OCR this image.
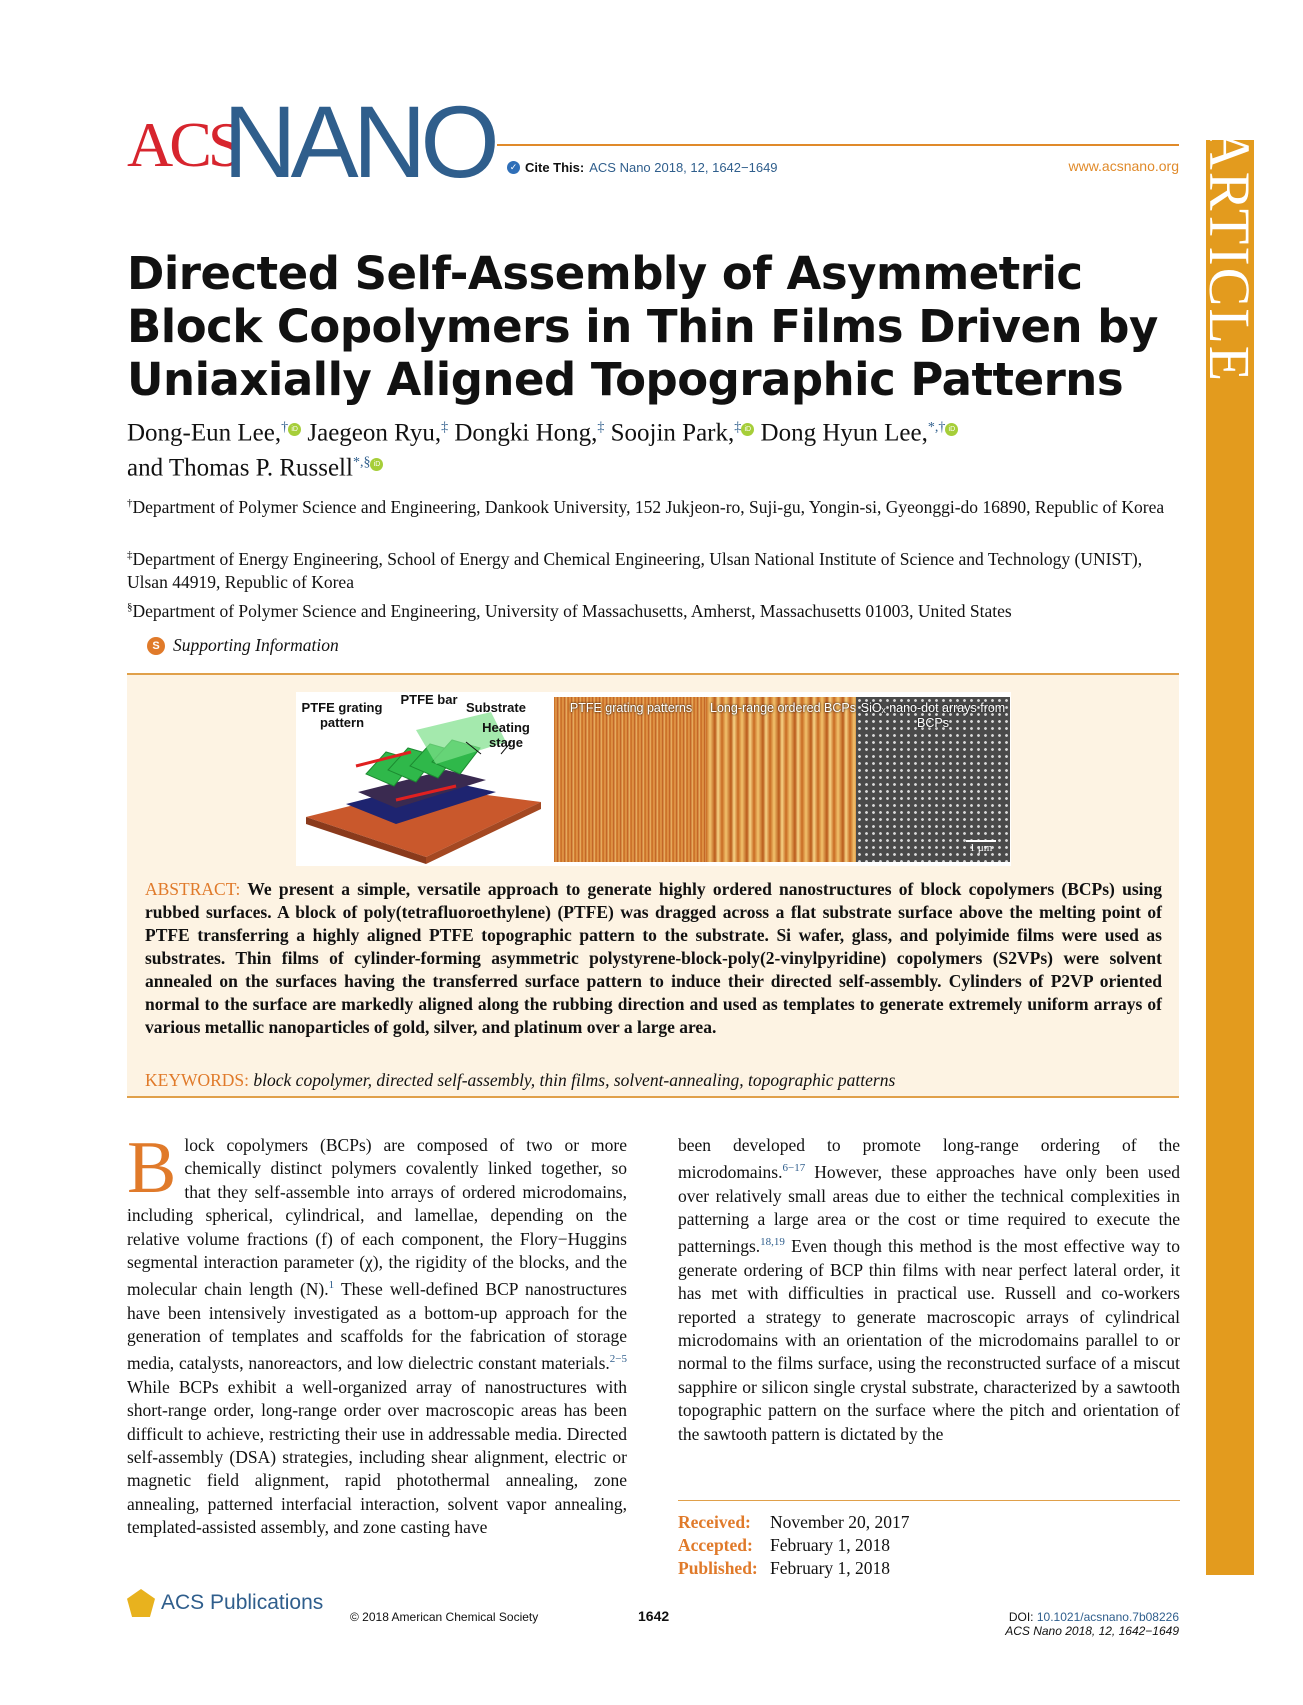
ACS
NANO	✓ Cite This: ACS Nano 2018, 12, 1642−1649	www.acsnano.org ARTICLE
Directed Self-Assembly of Asymmetric Block Copolymers in Thin Films Driven by Uniaxially Aligned Topographic Patterns
Dong-Eun Lee,† iD Jaegeon Ryu,‡ Dongki Hong,‡ Soojin Park,‡ iD Dong Hyun Lee,*,† iD
and Thomas P. Russell*,§ iD
†Department of Polymer Science and Engineering, Dankook University, 152 Jukjeon-ro, Suji-gu, Yongin-si, Gyeonggi-do 16890, Republic of Korea
‡Department of Energy Engineering, School of Energy and Chemical Engineering, Ulsan National Institute of Science and Technology (UNIST), Ulsan 44919, Republic of Korea
§Department of Polymer Science and Engineering, University of Massachusetts, Amherst, Massachusetts 01003, United States
S Supporting Information
PTFE grating pattern
PTFE bar
Substrate
Heating stage
PTFE grating patterns	Long-range ordered BCPs SiOₓ nano-dot arrays from BCPs
1 μm

ABSTRACT: We present a simple, versatile approach to generate highly ordered nanostructures of block copolymers (BCPs) using rubbed surfaces. A block of poly(tetrafluoroethylene) (PTFE) was dragged across a flat substrate surface above the melting point of PTFE transferring a highly aligned PTFE topographic pattern to the substrate. Si wafer, glass, and polyimide films were used as substrates. Thin films of cylinder-forming asymmetric polystyrene-block-poly(2-vinylpyridine) copolymers (S2VPs) were solvent annealed on the surfaces having the transferred surface pattern to induce their directed self-assembly. Cylinders of P2VP oriented normal to the surface are markedly aligned along the rubbing direction and used as templates to generate extremely uniform arrays of various metallic nanoparticles of gold, silver, and platinum over a large area.

KEYWORDS: block copolymer, directed self-assembly, thin films, solvent-annealing, topographic patterns

Block copolymers (BCPs) are composed of two or more chemically distinct polymers covalently linked together, so that they self-assemble into arrays of ordered microdomains, including spherical, cylindrical, and lamellae, depending on the relative volume fractions (f) of each component, the Flory−Huggins segmental interaction parameter (χ), the rigidity of the blocks, and the molecular chain length (N).$^1$ These well-defined BCP nanostructures have been intensively investigated as a bottom-up approach for the generation of templates and scaffolds for the fabrication of storage media, catalysts, nanoreactors, and low dielectric constant materials.$^{2-5}$ While BCPs exhibit a well-organized array of nanostructures with short-range order, long-range order over macroscopic areas has been difficult to achieve, restricting their use in addressable media. Directed self-assembly (DSA) strategies, including shear alignment, electric or magnetic field alignment, rapid photothermal annealing, zone annealing, patterned interfacial interaction, solvent vapor annealing, templated-assisted assembly, and zone casting have
been developed to promote long-range ordering of the microdomains.$^{6-17}$ However, these approaches have only been used over relatively small areas due to either the technical complexities in patterning a large area or the cost or time required to execute the patternings.$^{18,19}$ Even though this method is the most effective way to generate ordering of BCP thin films with near perfect lateral order, it has met with difficulties in practical use. Russell and co-workers reported a strategy to generate macroscopic arrays of cylindrical microdomains with an orientation of the microdomains parallel to or normal to the films surface, using the reconstructed surface of a miscut sapphire or silicon single crystal substrate, characterized by a sawtooth topographic pattern on the surface where the pitch and orientation of the sawtooth pattern is dictated by the
Received:	November 20, 2017
Accepted: February 1, 2018
Published: February 1, 2018
ACS Publications
© 2018 American Chemical Society	1642	DOI: 10.1021/acsnano.7b08226
ACS Nano 2018, 12, 1642−1649
